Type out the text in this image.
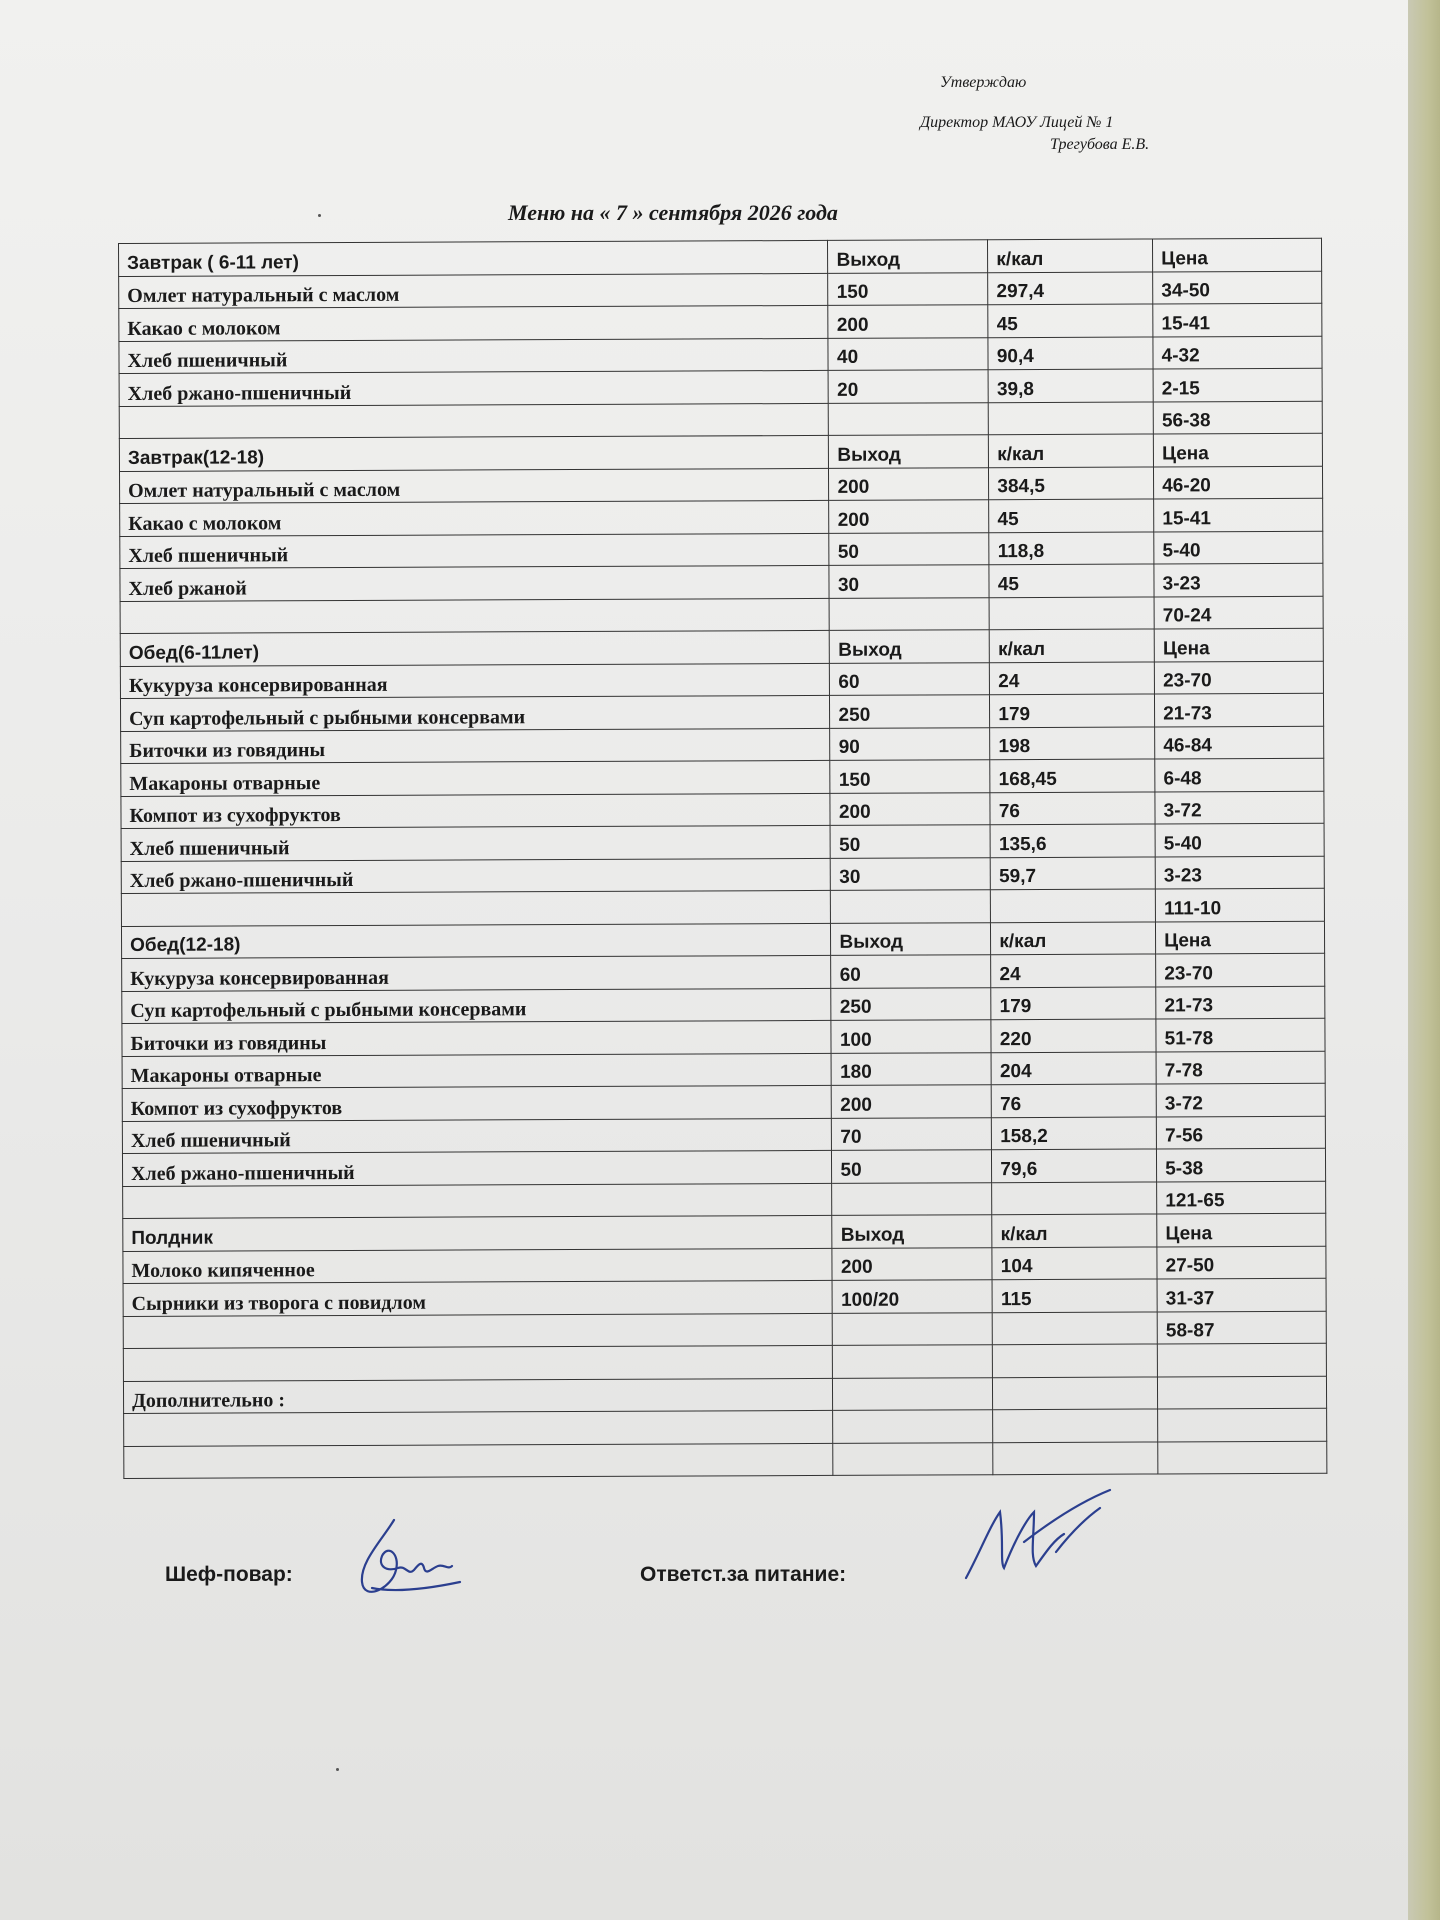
Утверждаю
Директор МАОУ Лицей № 1
Трегубова Е.В.
Меню на « 7 » сентября 2026 года
Завтрак ( 6-11 лет)	Выход	к/кал	Цена
Омлет натуральный с маслом	150	297,4	34-50
Какао с молоком	200	45	15-41
Хлеб пшеничный	40	90,4	4-32
Хлеб ржано-пшеничный	20	39,8	2-15
			56-38
Завтрак(12-18)	Выход	к/кал	Цена
Омлет натуральный с маслом	200	384,5	46-20
Какао с молоком	200	45	15-41
Хлеб пшеничный	50	118,8	5-40
Хлеб ржаной	30	45	3-23
			70-24
Обед(6-11лет)	Выход	к/кал	Цена
Кукуруза консервированная	60	24	23-70
Суп картофельный с рыбными консервами	250	179	21-73
Биточки из говядины	90	198	46-84
Макароны отварные	150	168,45	6-48
Компот из сухофруктов	200	76	3-72
Хлеб пшеничный	50	135,6	5-40
Хлеб ржано-пшеничный	30	59,7	3-23
			111-10
Обед(12-18)	Выход	к/кал	Цена
Кукуруза консервированная	60	24	23-70
Суп картофельный с рыбными консервами	250	179	21-73
Биточки из говядины	100	220	51-78
Макароны отварные	180	204	7-78
Компот из сухофруктов	200	76	3-72
Хлеб пшеничный	70	158,2	7-56
Хлеб ржано-пшеничный	50	79,6	5-38
			121-65
Полдник	Выход	к/кал	Цена
Молоко кипяченное	200	104	27-50
Сырники из творога с повидлом	100/20	115	31-37
			58-87

Дополнительно :			

Шеф-повар:	Ответст.за питание:
